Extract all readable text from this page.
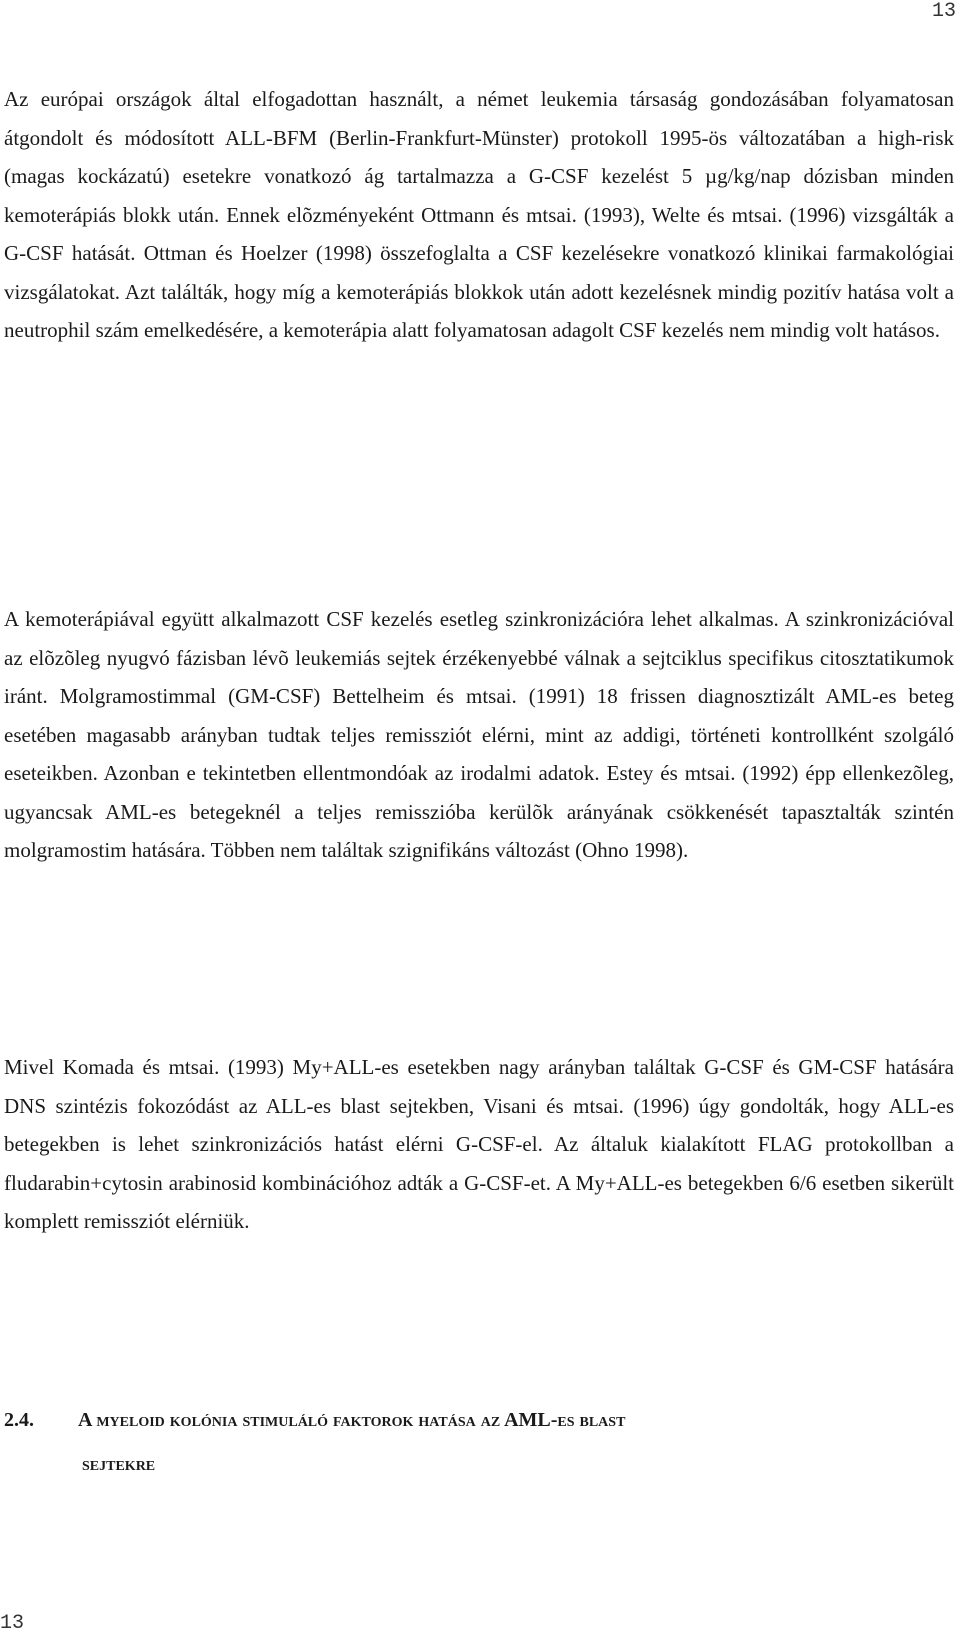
13

Az európai országok által elfogadottan használt, a német leukemia társaság gondozásában folyamatosan átgondolt és módosított ALL-BFM (Berlin-Frankfurt-Münster) protokoll 1995-ös változatában a high-risk (magas kockázatú) esetekre vonatkozó ág tartalmazza a G-CSF kezelést 5 µg/kg/nap dózisban minden kemoterápiás blokk után. Ennek elõzményeként Ottmann és mtsai. (1993), Welte és mtsai. (1996) vizsgálták a G-CSF hatását. Ottman és Hoelzer (1998) összefoglalta a CSF kezelésekre vonatkozó klinikai farmakológiai vizsgálatokat. Azt találták, hogy míg a kemoterápiás blokkok után adott kezelésnek mindig pozitív hatása volt a neutrophil szám emelkedésére, a kemoterápia alatt folyamatosan adagolt CSF kezelés nem mindig volt hatásos.

A kemoterápiával együtt alkalmazott CSF kezelés esetleg szinkronizációra lehet alkalmas. A szinkronizációval az elõzõleg nyugvó fázisban lévõ leukemiás sejtek érzékenyebbé válnak a sejtciklus specifikus citosztatikumok iránt. Molgramostimmal (GM-CSF) Bettelheim és mtsai. (1991) 18 frissen diagnosztizált AML-es beteg esetében magasabb arányban tudtak teljes remissziót elérni, mint az addigi, történeti kontrollként szolgáló eseteikben. Azonban e tekintetben ellentmondóak az irodalmi adatok. Estey és mtsai. (1992) épp ellenkezõleg, ugyancsak AML-es betegeknél a teljes remisszióba kerülõk arányának csökkenését tapasztalták szintén molgramostim hatására. Többen nem találtak szignifikáns változást (Ohno 1998).

Mivel Komada és mtsai. (1993) My+ALL-es esetekben nagy arányban találtak G-CSF és GM-CSF hatására DNS szintézis fokozódást az ALL-es blast sejtekben, Visani és mtsai. (1996) úgy gondolták, hogy ALL-es betegekben is lehet szinkronizációs hatást elérni G-CSF-el. Az általuk kialakított FLAG protokollban a fludarabin+cytosin arabinosid kombinációhoz adták a G-CSF-et. A My+ALL-es betegekben 6/6 esetben sikerült komplett remissziót elérniük.

2.4. A myeloid kolónia stimuláló faktorok hatása az AML-es blast
sejtekre
13
